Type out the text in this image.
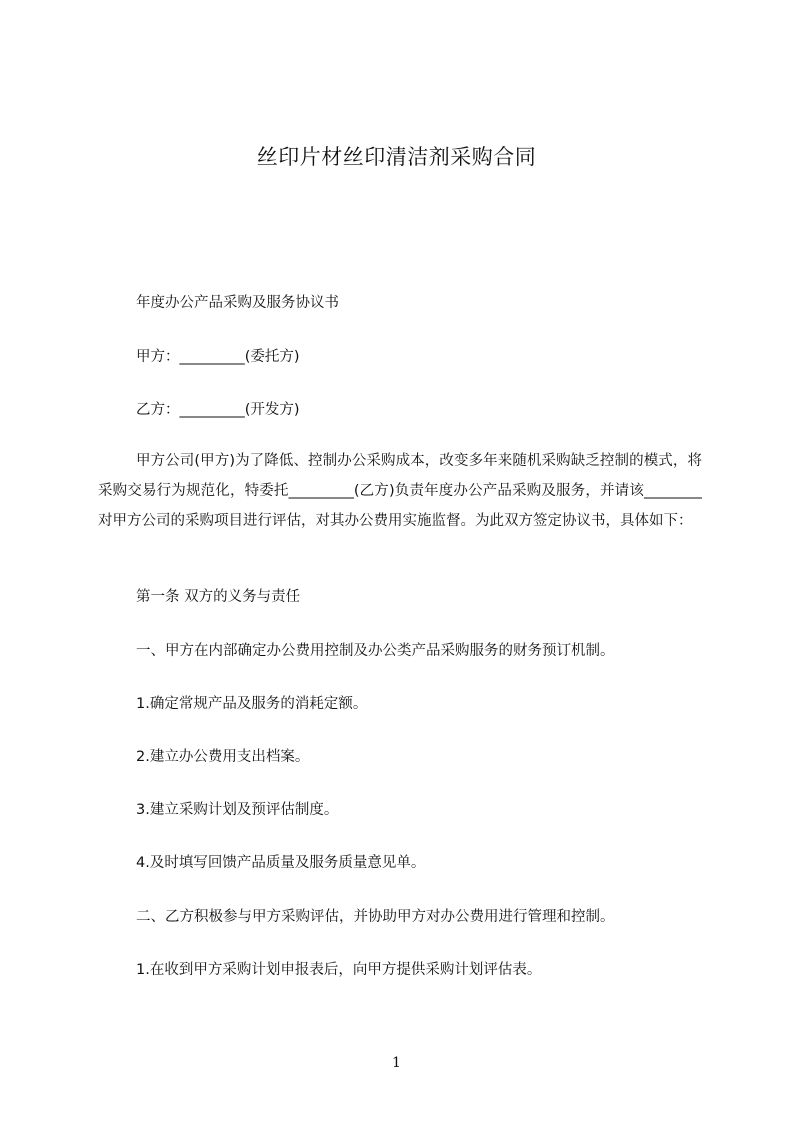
丝印片材丝印清洁剂采购合同
年度办公产品采购及服务协议书
甲方：_________(委托方)
乙方：_________(开发方)
甲方公司(甲方)为了降低、控制办公采购成本，改变多年来随机采购缺乏控制的模式，将采购交易行为规范化，特委托_________(乙方)负责年度办公产品采购及服务，并请该________对甲方公司的采购项目进行评估，对其办公费用实施监督。为此双方签定协议书，具体如下：
第一条 双方的义务与责任
一、甲方在内部确定办公费用控制及办公类产品采购服务的财务预订机制。
1.确定常规产品及服务的消耗定额。
2.建立办公费用支出档案。
3.建立采购计划及预评估制度。
4.及时填写回馈产品质量及服务质量意见单。
二、乙方积极参与甲方采购评估，并协助甲方对办公费用进行管理和控制。
1.在收到甲方采购计划申报表后，向甲方提供采购计划评估表。
1
